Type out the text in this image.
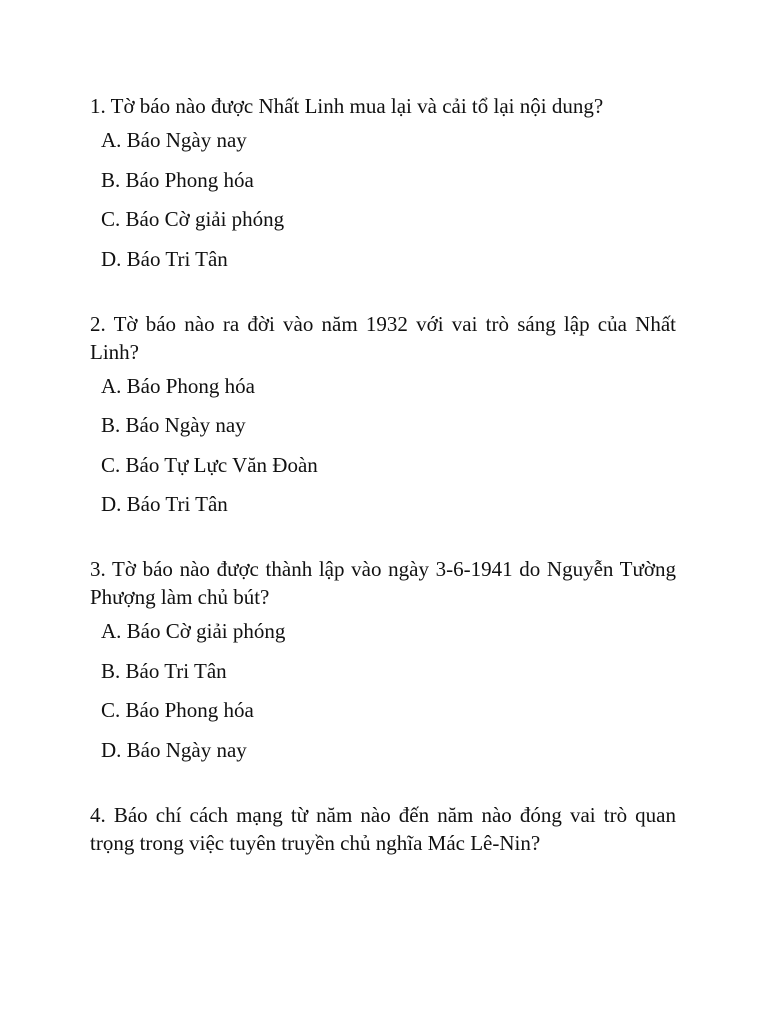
1. Tờ báo nào được Nhất Linh mua lại và cải tổ lại nội dung?

A. Báo Ngày nay
B. Báo Phong hóa
C. Báo Cờ giải phóng
D. Báo Tri Tân

2. Tờ báo nào ra đời vào năm 1932 với vai trò sáng lập của Nhất Linh?

A. Báo Phong hóa
B. Báo Ngày nay
C. Báo Tự Lực Văn Đoàn
D. Báo Tri Tân

3. Tờ báo nào được thành lập vào ngày 3-6-1941 do Nguyễn Tường Phượng làm chủ bút?

A. Báo Cờ giải phóng
B. Báo Tri Tân
C. Báo Phong hóa
D. Báo Ngày nay

4. Báo chí cách mạng từ năm nào đến năm nào đóng vai trò quan trọng trong việc tuyên truyền chủ nghĩa Mác Lê-Nin?
